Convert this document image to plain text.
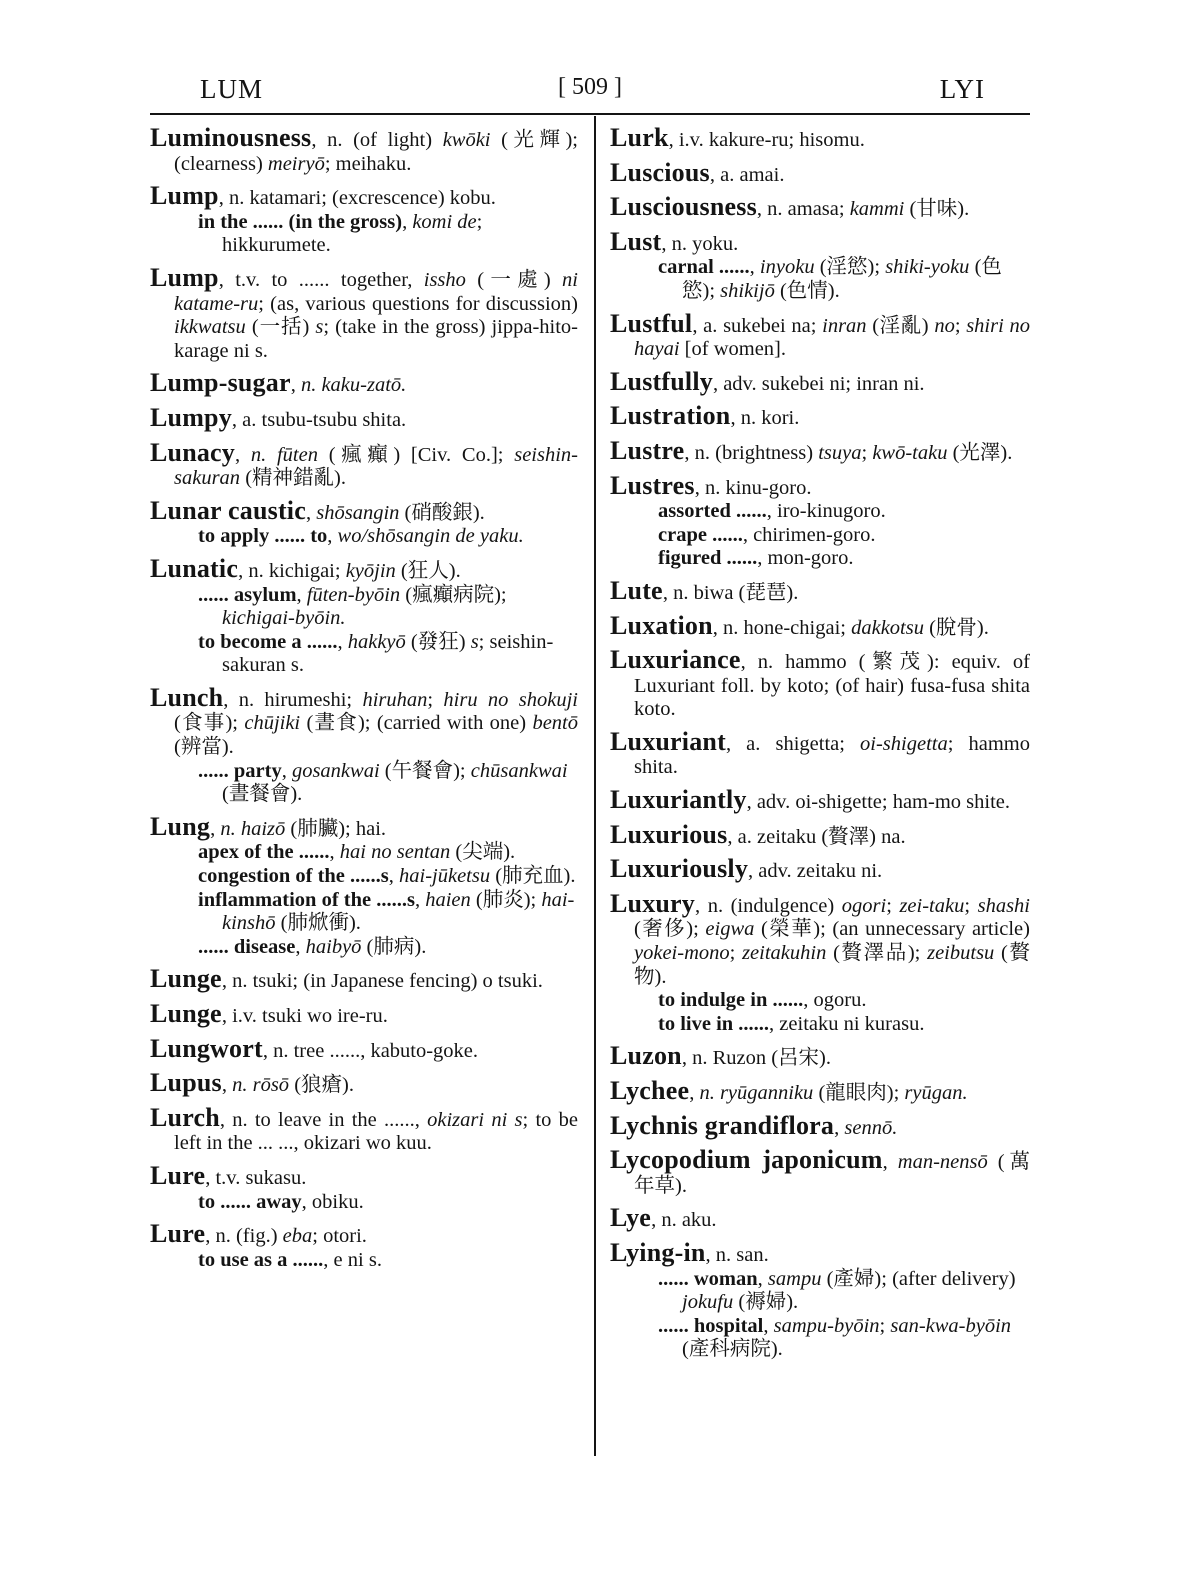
LUM	[ 509 ]	LYI

Luminousness, n. (of light) kwōki (光輝); (clearness) meiryō; meihaku.

Lump, n. katamari; (excrescence) kobu.
in the ...... (in the gross), komi de; hikkurumete.

Lump, t.v. to ...... together, issho (一處) ni katame-ru; (as, various questions for discussion) ikkwatsu (一括) s; (take in the gross) jippa-hito-karage ni s.

Lump-sugar, n. kaku-zatō.

Lumpy, a. tsubu-tsubu shita.

Lunacy, n. fūten (瘋癲) [Civ. Co.]; seishin-sakuran (精神錯亂).

Lunar caustic, shōsangin (硝酸銀).
to apply ...... to, wo/shōsangin de yaku.

Lunatic, n. kichigai; kyōjin (狂人).
...... asylum, fūten-byōin (瘋癲病院); kichigai-byōin.
to become a ......, hakkyō (發狂) s; seishin-sakuran s.

Lunch, n. hirumeshi; hiruhan; hiru no shokuji (食事); chūjiki (晝食); (carried with one) bentō (辨當).
...... party, gosankwai (午餐會); chūsankwai (晝餐會).

Lung, n. haizō (肺臟); hai.
apex of the ......, hai no sentan (尖端).
congestion of the ......s, hai-jūketsu (肺充血).
inflammation of the ......s, haien (肺炎); hai-kinshō (肺焮衝).
...... disease, haibyō (肺病).

Lunge, n. tsuki; (in Japanese fencing) o tsuki.

Lunge, i.v. tsuki wo ire-ru.

Lungwort, n. tree ......, kabuto-goke.

Lupus, n. rōsō (狼瘡).

Lurch, n. to leave in the ......, okizari ni s; to be left in the ... ..., okizari wo kuu.

Lure, t.v. sukasu.
to ...... away, obiku.

Lure, n. (fig.) eba; otori.
to use as a ......, e ni s.

Lurk, i.v. kakure-ru; hisomu.

Luscious, a. amai.

Lusciousness, n. amasa; kammi (甘味).

Lust, n. yoku.
carnal ......, inyoku (淫慾); shiki-yoku (色慾); shikijō (色情).

Lustful, a. sukebei na; inran (淫亂) no; shiri no hayai [of women].

Lustfully, adv. sukebei ni; inran ni.

Lustration, n. kori.

Lustre, n. (brightness) tsuya; kwō-taku (光澤).

Lustres, n. kinu-goro.
assorted ......, iro-kinugoro.
crape ......, chirimen-goro.
figured ......, mon-goro.

Lute, n. biwa (琵琶).

Luxation, n. hone-chigai; dakkotsu (脫骨).

Luxuriance, n. hammo (繁茂): equiv. of Luxuriant foll. by koto; (of hair) fusa-fusa shita koto.

Luxuriant, a. shigetta; oi-shigetta; hammo shita.

Luxuriantly, adv. oi-shigette; ham-mo shite.

Luxurious, a. zeitaku (贅澤) na.

Luxuriously, adv. zeitaku ni.

Luxury, n. (indulgence) ogori; zei-taku; shashi (奢侈); eigwa (榮華); (an unnecessary article) yokei-mono; zeitakuhin (贅澤品); zeibutsu (贅物).
to indulge in ......, ogoru.
to live in ......, zeitaku ni kurasu.

Luzon, n. Ruzon (呂宋).

Lychee, n. ryūganniku (龍眼肉); ryūgan.

Lychnis grandiflora, sennō.

Lycopodium japonicum, man-nensō (萬年草).

Lye, n. aku.

Lying-in, n. san.
...... woman, sampu (產婦); (after delivery) jokufu (褥婦).
...... hospital, sampu-byōin; san-kwa-byōin (產科病院).
